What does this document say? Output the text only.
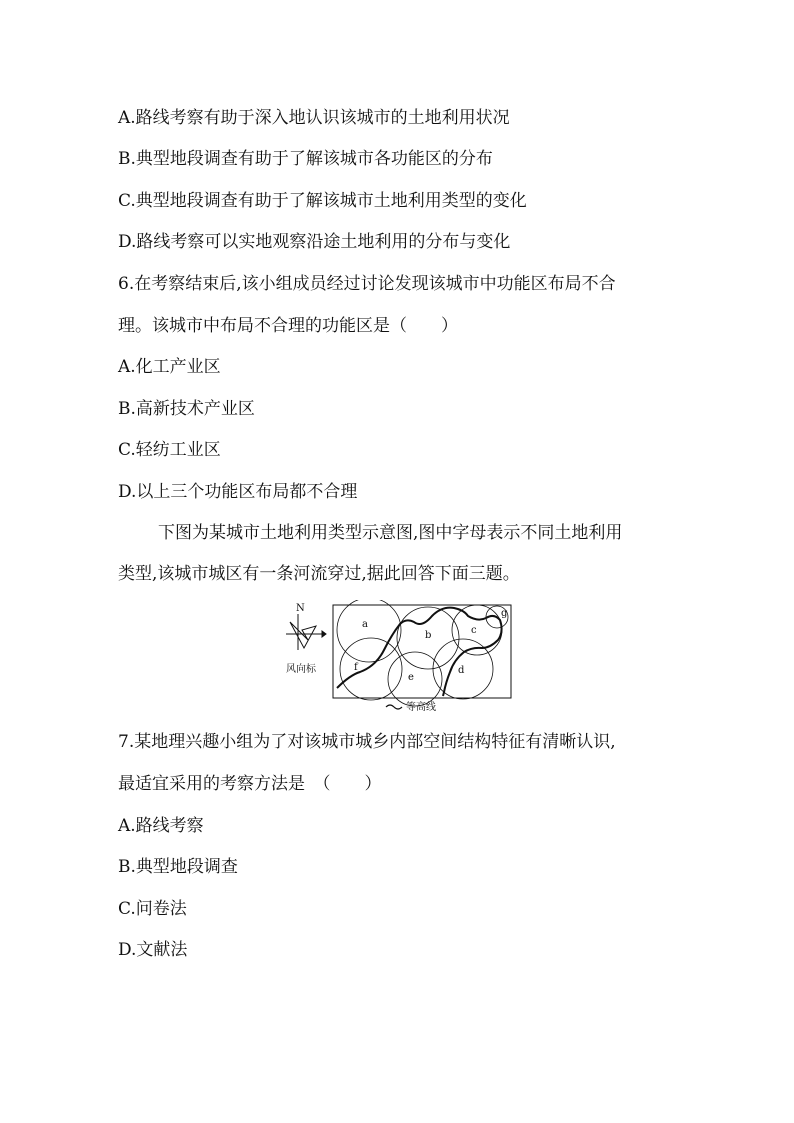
A.路线考察有助于深入地认识该城市的土地利用状况
B.典型地段调查有助于了解该城市各功能区的分布
C.典型地段调查有助于了解该城市土地利用类型的变化
D.路线考察可以实地观察沿途土地利用的分布与变化
6.在考察结束后,该小组成员经过讨论发现该城市中功能区布局不合
理。该城市中布局不合理的功能区是（　　）
A.化工产业区
B.高新技术产业区
C.轻纺工业区
D.以上三个功能区布局都不合理
下图为某城市土地利用类型示意图,图中字母表示不同土地利用
类型,该城市城区有一条河流穿过,据此回答下面三题。
N
风向标
a
b	c
d
e
f
g
等高线
7.某地理兴趣小组为了对该城市城乡内部空间结构特征有清晰认识,
最适宜采用的考察方法是　（　　）
A.路线考察
B.典型地段调查
C.问卷法
D.文献法
